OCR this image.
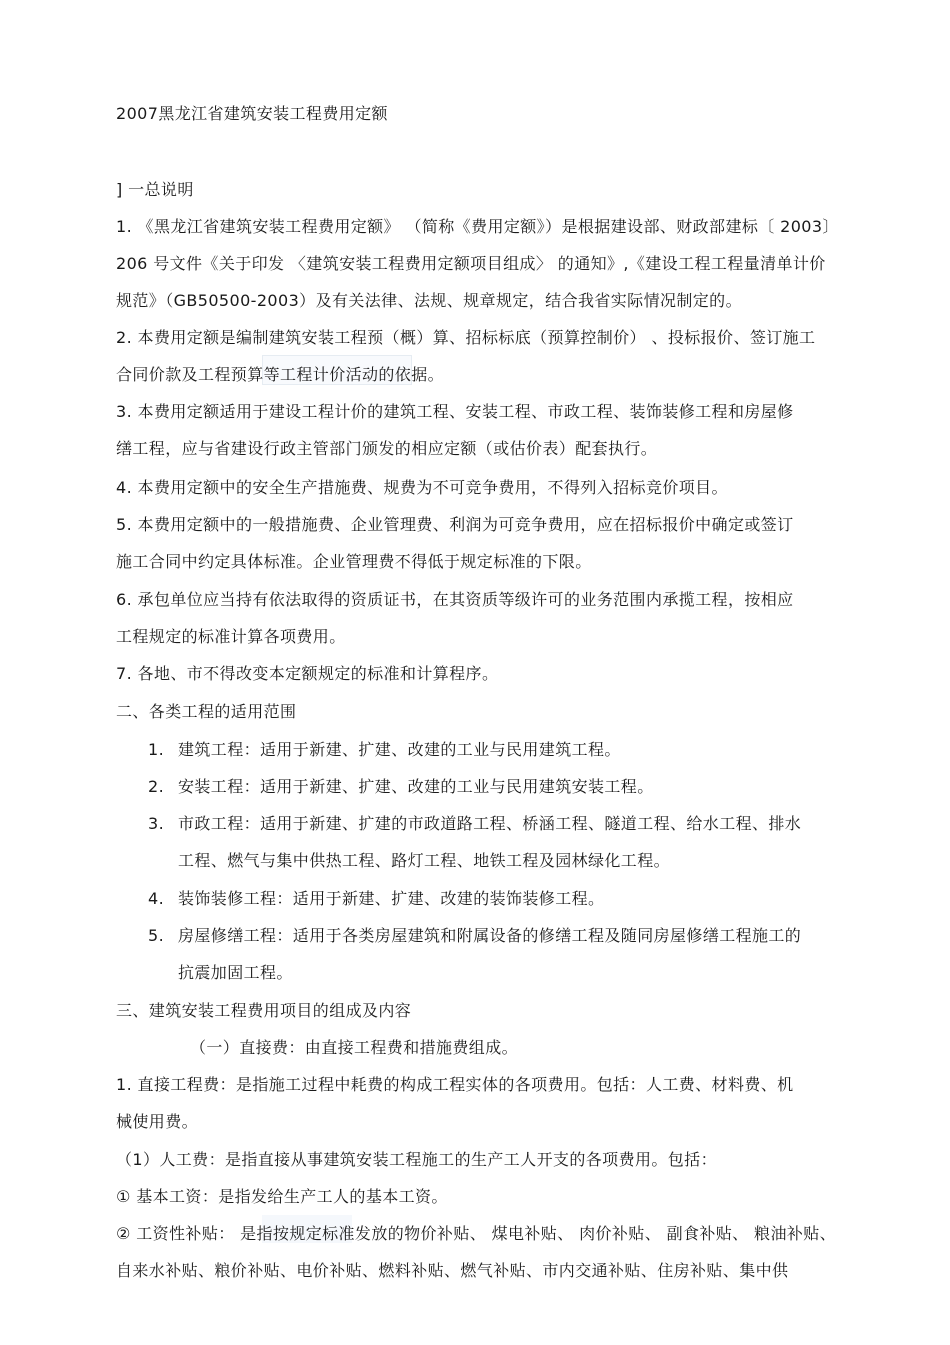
2007黑龙江省建筑安装工程费用定额
] 一总说明
1. 《黑龙江省建筑安装工程费用定额》 （简称《费用定额》）是根据建设部、财政部建标〔 2003〕
206 号文件《关于印发 〈建筑安装工程费用定额项目组成〉 的通知》,《建设工程工程量清单计价
规范》（GB50500-2003）及有关法律、法规、规章规定，结合我省实际情况制定的。
2. 本费用定额是编制建筑安装工程预（概）算、招标标底（预算控制价） 、投标报价、签订施工
合同价款及工程预算等工程计价活动的依据。
3. 本费用定额适用于建设工程计价的建筑工程、安装工程、市政工程、装饰装修工程和房屋修
缮工程，应与省建设行政主管部门颁发的相应定额（或估价表）配套执行。
4. 本费用定额中的安全生产措施费、规费为不可竞争费用，不得列入招标竞价项目。
5. 本费用定额中的一般措施费、企业管理费、利润为可竞争费用，应在招标报价中确定或签订
施工合同中约定具体标准。企业管理费不得低于规定标准的下限。
6. 承包单位应当持有依法取得的资质证书，在其资质等级许可的业务范围内承揽工程，按相应
工程规定的标准计算各项费用。
7. 各地、市不得改变本定额规定的标准和计算程序。
二、各类工程的适用范围
1. 建筑工程：适用于新建、扩建、改建的工业与民用建筑工程。
2. 安装工程：适用于新建、扩建、改建的工业与民用建筑安装工程。
3. 市政工程：适用于新建、扩建的市政道路工程、桥涵工程、隧道工程、给水工程、排水
工程、燃气与集中供热工程、路灯工程、地铁工程及园林绿化工程。
4. 装饰装修工程：适用于新建、扩建、改建的装饰装修工程。
5. 房屋修缮工程：适用于各类房屋建筑和附属设备的修缮工程及随同房屋修缮工程施工的
抗震加固工程。
三、建筑安装工程费用项目的组成及内容
（一）直接费：由直接工程费和措施费组成。
1. 直接工程费：是指施工过程中耗费的构成工程实体的各项费用。包括：人工费、材料费、机
械使用费。
（1）人工费：是指直接从事建筑安装工程施工的生产工人开支的各项费用。包括：
① 基本工资：是指发给生产工人的基本工资。
② 工资性补贴： 是指按规定标准发放的物价补贴、 煤电补贴、 肉价补贴、 副食补贴、 粮油补贴、
自来水补贴、粮价补贴、电价补贴、燃料补贴、燃气补贴、市内交通补贴、住房补贴、集中供
